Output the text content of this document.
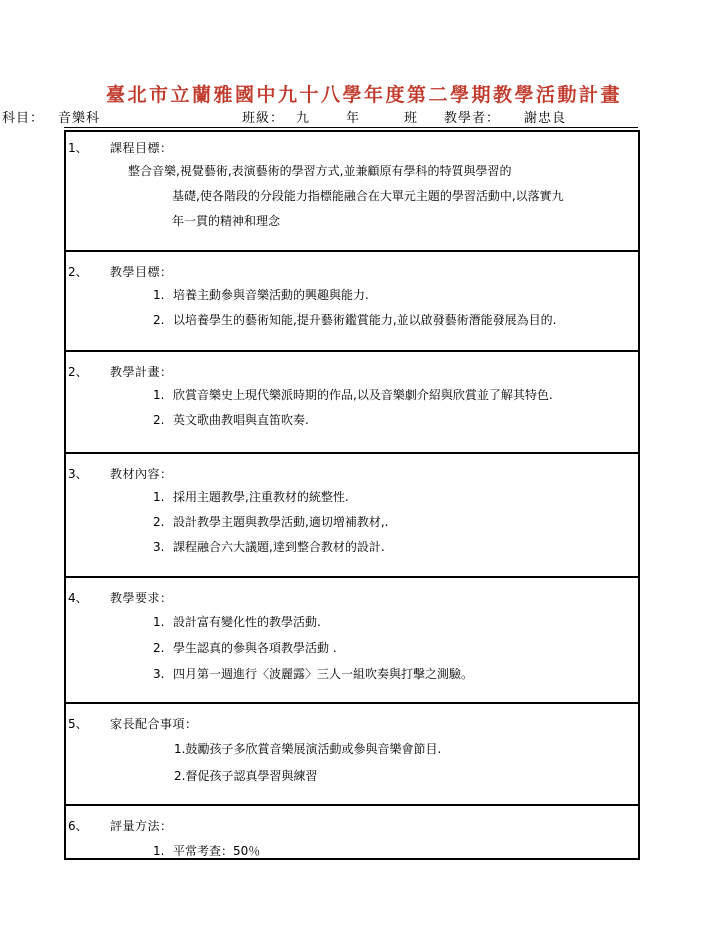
臺北市立蘭雅國中九十八學年度第二學期教學活動計畫
科目： 音樂科	班級： 九	年	班 教學者： 謝忠良
1、 課程目標：
整合音樂,視覺藝術,表演藝術的學習方式,並兼顧原有學科的特質與學習的
基礎,使各階段的分段能力指標能融合在大單元主題的學習活動中,以落實九
年一貫的精神和理念
2、 教學目標：
1. 培養主動參與音樂活動的興趣與能力.
2. 以培養學生的藝術知能,提升藝術鑑賞能力,並以啟發藝術潛能發展為目的.
2、 教學計畫：
1. 欣賞音樂史上現代樂派時期的作品,以及音樂劇介紹與欣賞並了解其特色.
2. 英文歌曲教唱與直笛吹奏.
3、 教材內容：
1. 採用主題教學,注重教材的統整性.
2. 設計教學主題與教學活動,適切增補教材,.
3. 課程融合六大議題,達到整合教材的設計.
4、 教學要求：
1. 設計富有變化性的教學活動.
2. 學生認真的參與各項教學活動 .
3. 四月第一週進行〈波麗露〉三人一組吹奏與打擊之測驗。
5、 家長配合事項：
1.鼓勵孩子多欣賞音樂展演活動或參與音樂會節目.
2.督促孩子認真學習與練習
6、 評量方法：
1. 平常考查：50％
